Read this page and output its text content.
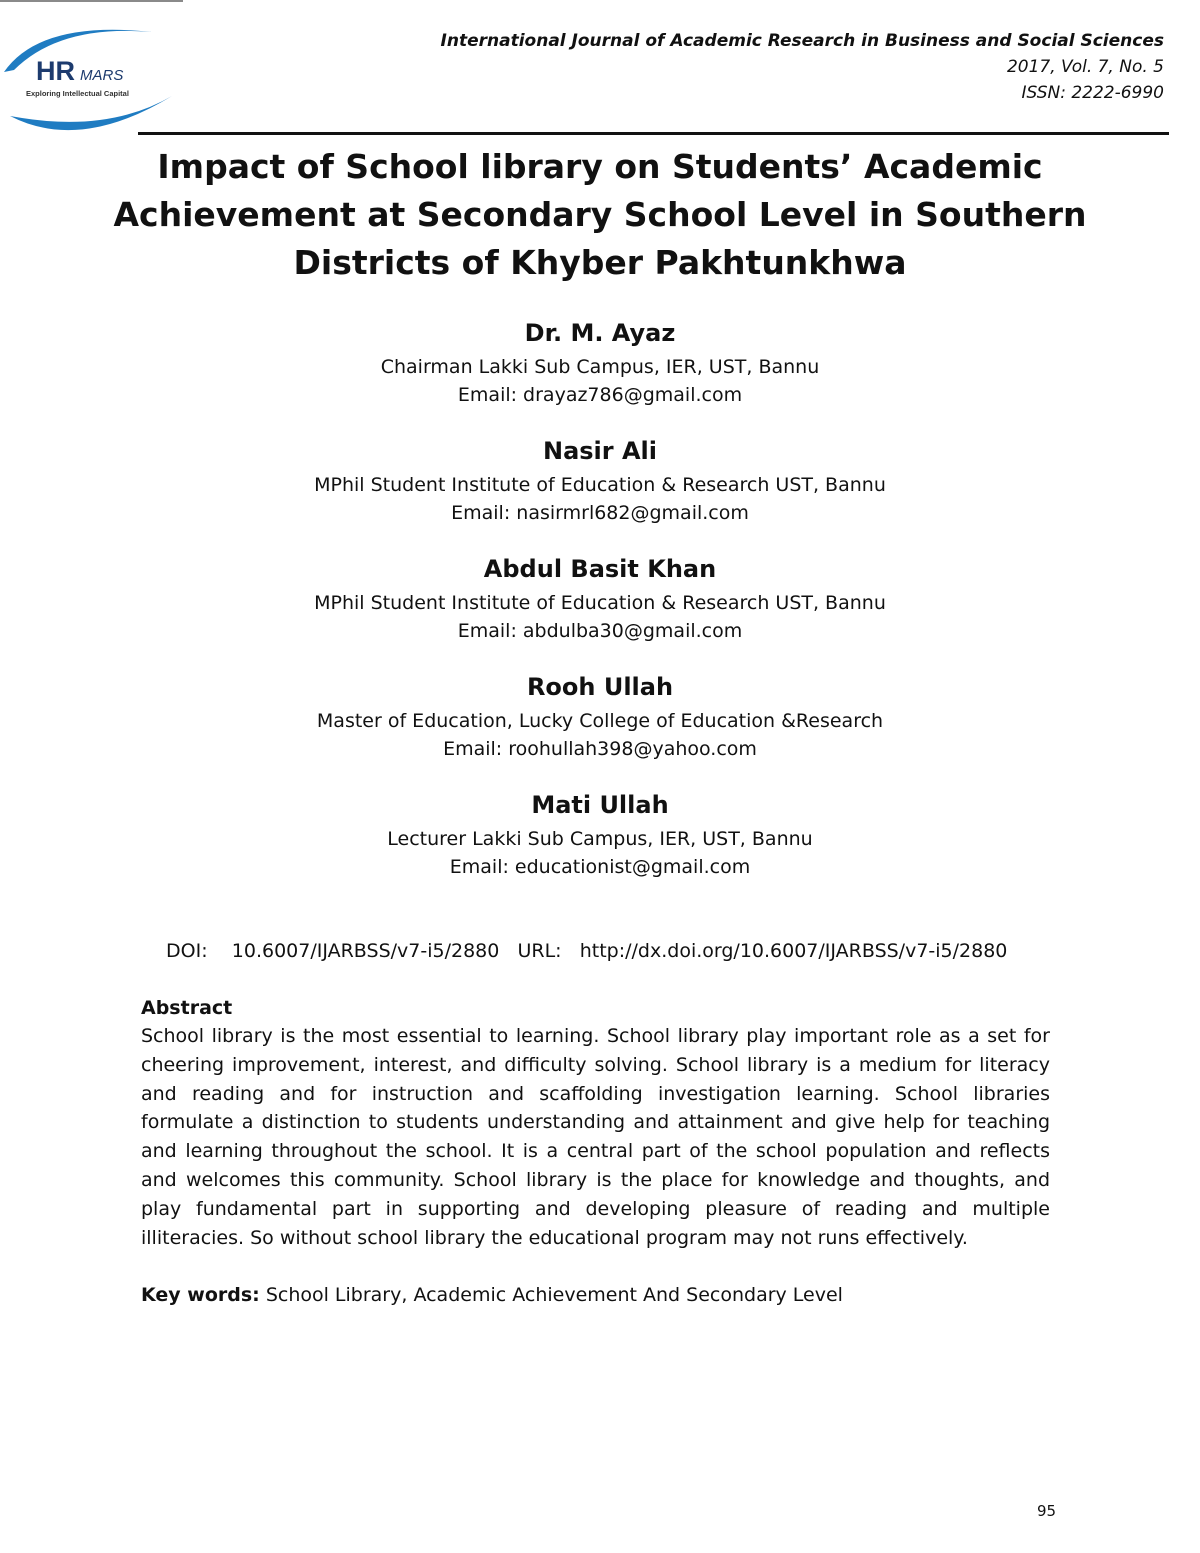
HR MARS
Exploring Intellectual Capital
International Journal of Academic Research in Business and Social Sciences
2017, Vol. 7, No. 5
ISSN: 2222-6990
Impact of School library on Students’ Academic Achievement at Secondary School Level in Southern Districts of Khyber Pakhtunkhwa
Dr. M. Ayaz
Chairman Lakki Sub Campus, IER, UST, Bannu
Email: drayaz786@gmail.com
Nasir Ali
MPhil Student Institute of Education & Research UST, Bannu
Email: nasirmrl682@gmail.com
Abdul Basit Khan
MPhil Student Institute of Education & Research UST, Bannu
Email: abdulba30@gmail.com
Rooh Ullah
Master of Education, Lucky College of Education &Research
Email: roohullah398@yahoo.com
Mati Ullah
Lecturer Lakki Sub Campus, IER, UST, Bannu
Email: educationist@gmail.com
DOI: 10.6007/IJARBSS/v7-i5/2880 URL: http://dx.doi.org/10.6007/IJARBSS/v7-i5/2880
Abstract

School library is the most essential to learning. School library play important role as a set for cheering improvement, interest, and difficulty solving. School library is a medium for literacy and reading and for instruction and scaffolding investigation learning. School libraries formulate a distinction to students understanding and attainment and give help for teaching and learning throughout the school. It is a central part of the school population and reflects and welcomes this community. School library is the place for knowledge and thoughts, and play fundamental part in supporting and developing pleasure of reading and multiple illiteracies. So without school library the educational program may not runs effectively.

Key words: School Library, Academic Achievement And Secondary Level
95
